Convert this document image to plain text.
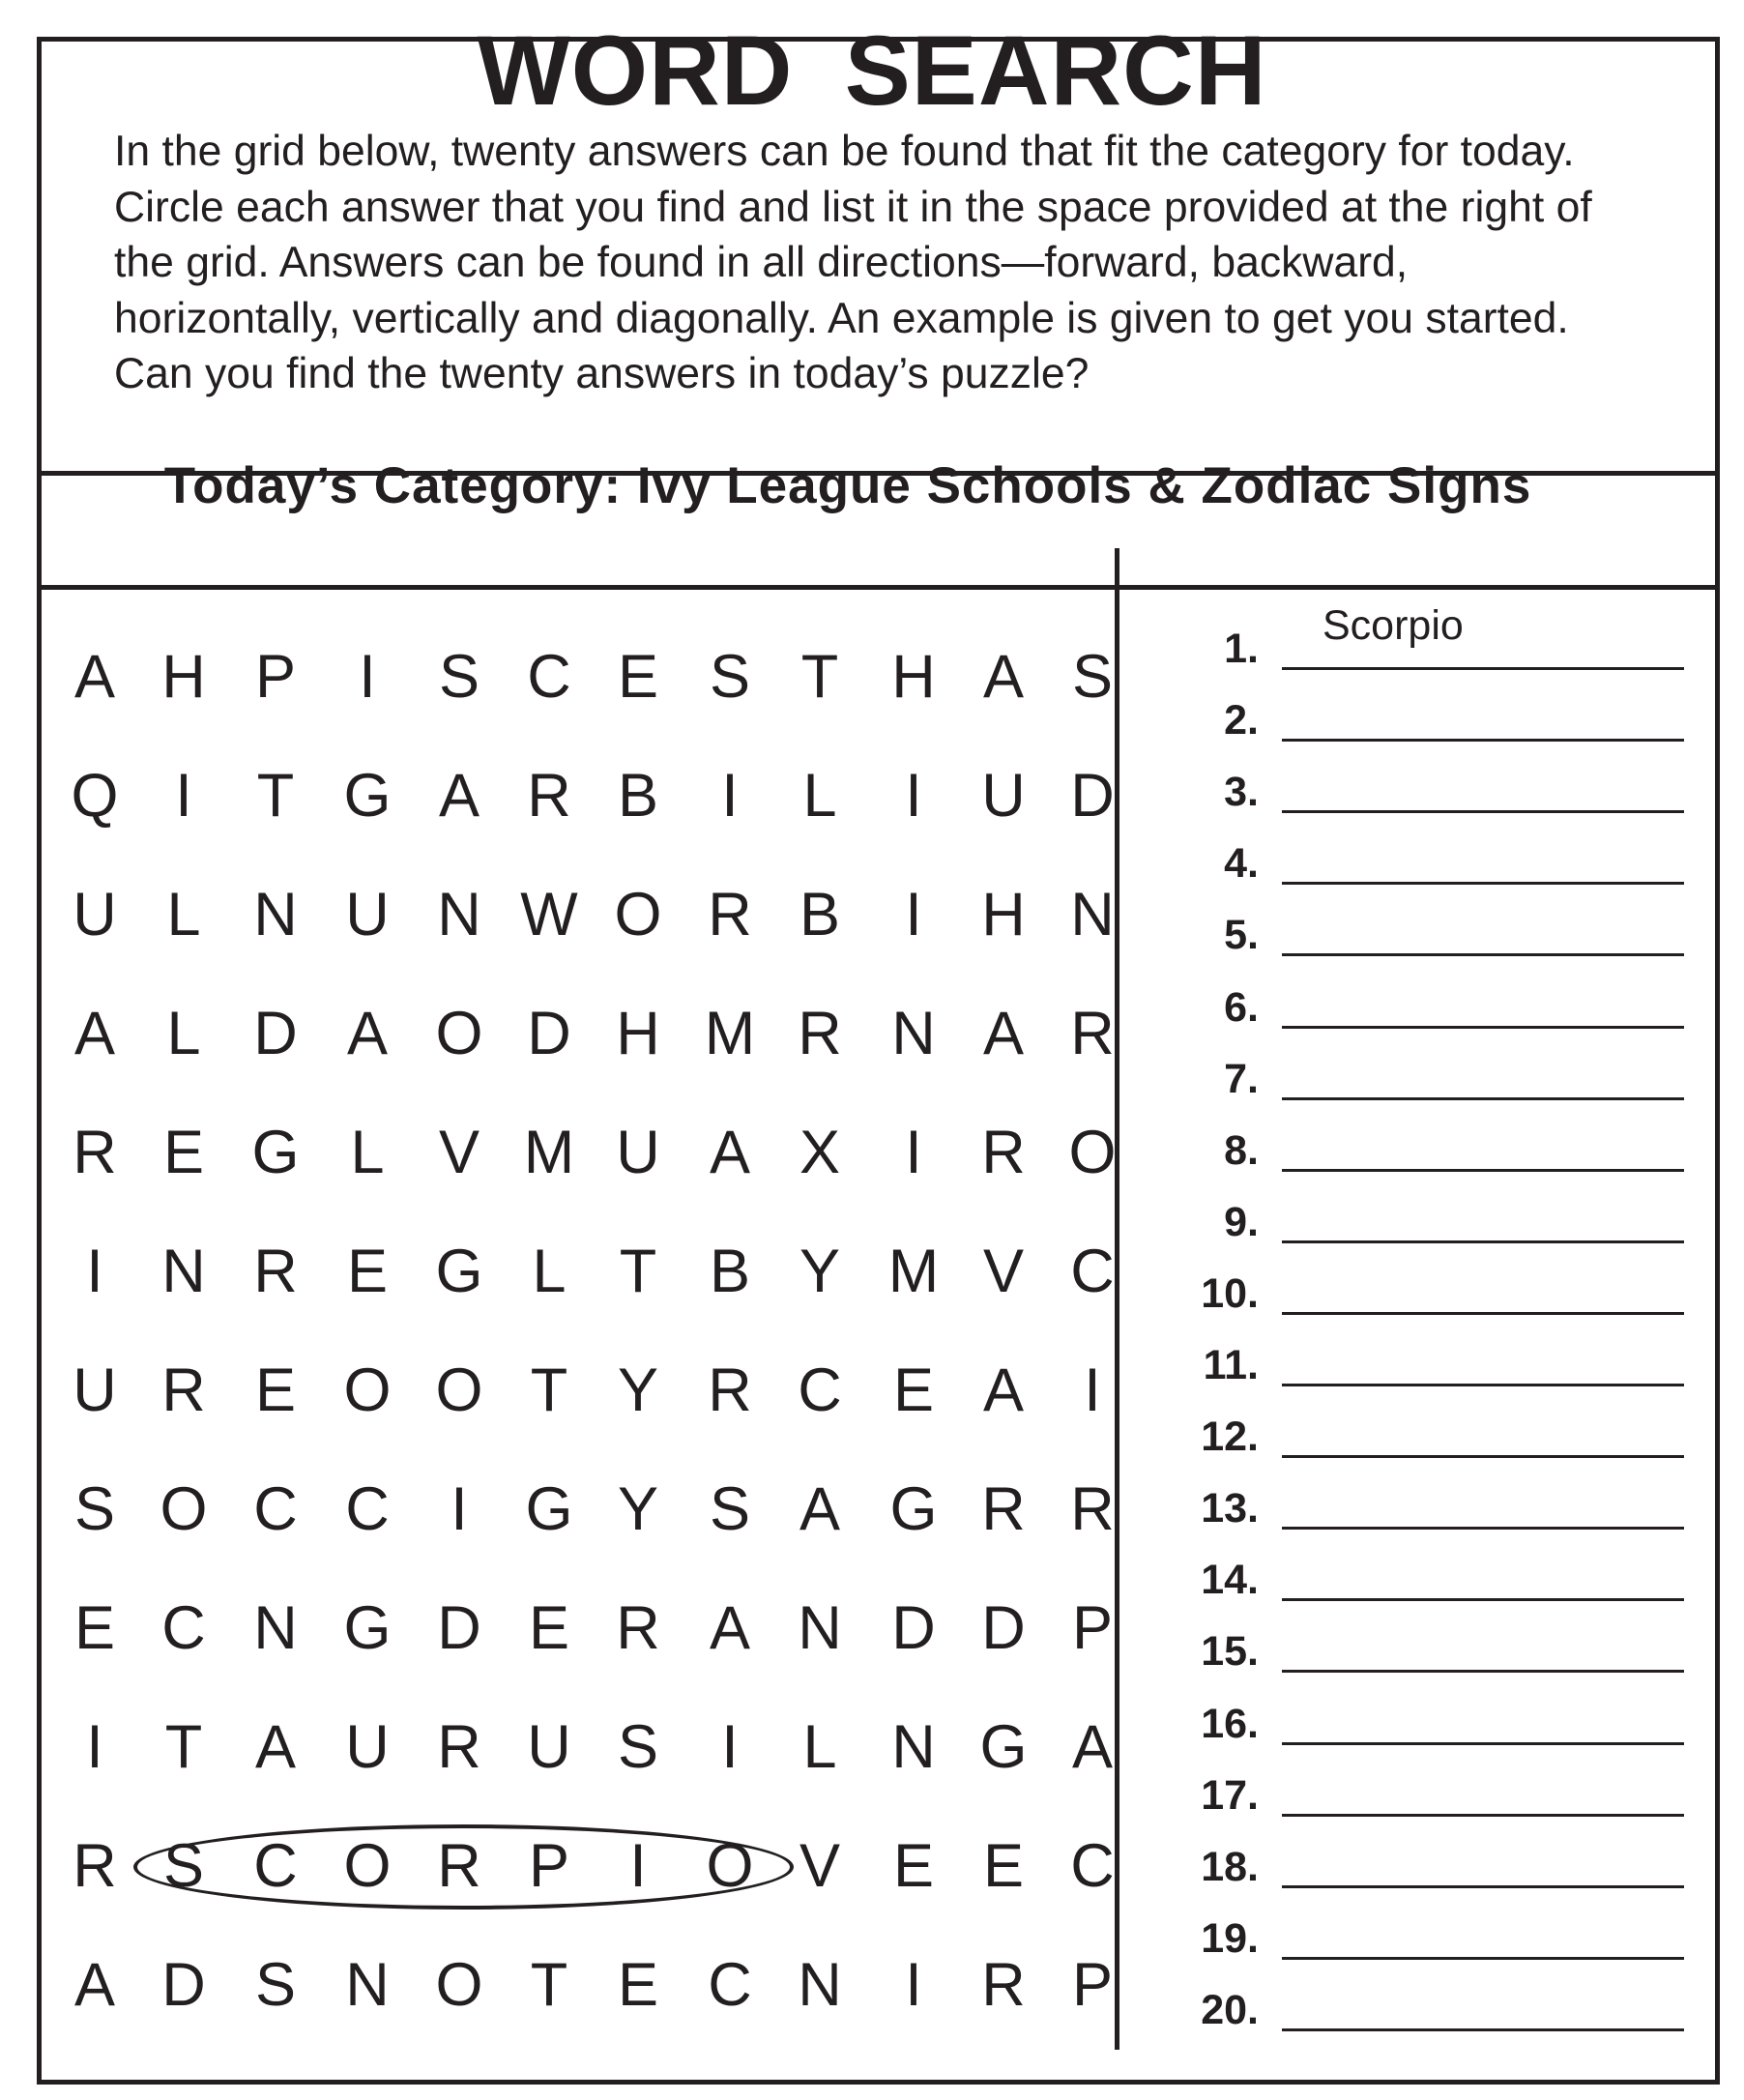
WORD SEARCH
In the grid below, twenty answers can be found that fit the category for today. Circle each answer that you find and list it in the space provided at the right of the grid. Answers can be found in all directions—forward, backward, horizontally, vertically and diagonally. An example is given to get you started. Can you find the twenty answers in today’s puzzle?
Today’s Category: Ivy League Schools & Zodiac Signs
A H P	I	S C E S T H A S
Q I	T G A R B	I	L	I U D
U L N U N W O R B	I H N
A L D A O D H M R N A R
R E G L V M U A X	I R O
I N R E G L T B Y M V C
U R E O O T Y R C E A I
S O C C	I G Y S A G R R
E C N G D E R A N D D P
I	T A U R U S	I	L N G A
R S C O R P I O V E E C
A D S N O T E C N	I R P
1. Scorpio
2.
3.
4.
5.
6.
7.
8.
9.
10.
11.
12.
13.
14.
15.
16.
17.
18.
19.
20.
